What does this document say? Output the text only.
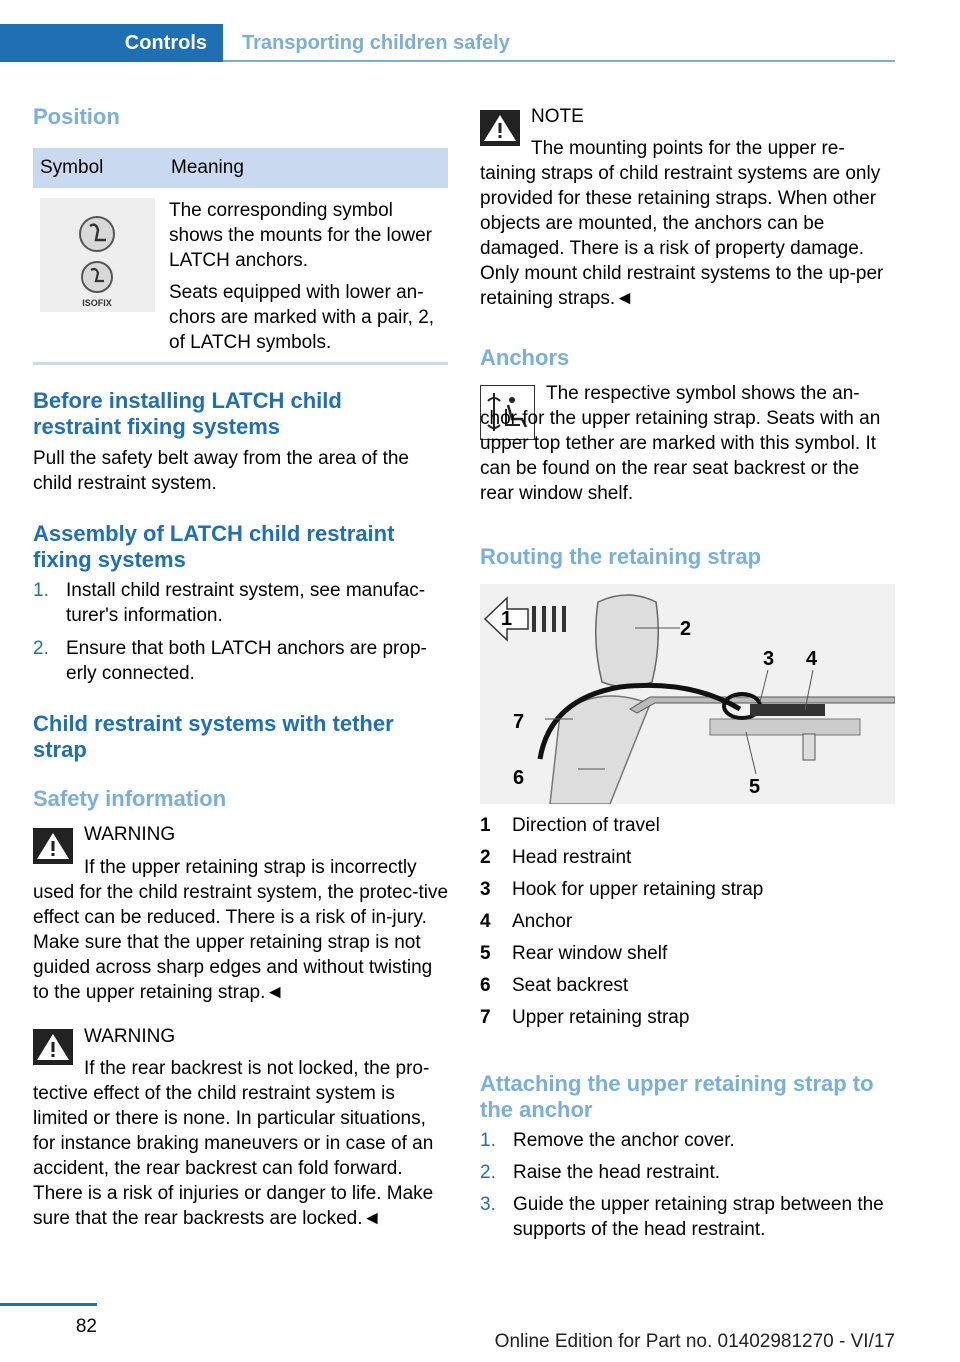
Controls Transporting children safely
Position
Symbol	Meaning
ISOFIX
The corresponding symbol shows the mounts for the lower LATCH anchors.
Seats equipped with lower an-chors are marked with a pair, 2, of LATCH symbols.
Before installing LATCH child restraint fixing systems
Pull the safety belt away from the area of the child restraint system.
Assembly of LATCH child restraint fixing systems
1. Install child restraint system, see manufac-turer's information.
2. Ensure that both LATCH anchors are prop-erly connected.
Child restraint systems with tether strap
Safety information
WARNING
If the upper retaining strap is incorrectly used for the child restraint system, the protec-tive effect can be reduced. There is a risk of in-jury. Make sure that the upper retaining strap is not guided across sharp edges and without twisting to the upper retaining strap.◄
WARNING
If the rear backrest is not locked, the pro-tective effect of the child restraint system is limited or there is none. In particular situations, for instance braking maneuvers or in case of an accident, the rear backrest can fold forward. There is a risk of injuries or danger to life. Make sure that the rear backrests are locked.◄
NOTE
The mounting points for the upper re-taining straps of child restraint systems are only provided for these retaining straps. When other objects are mounted, the anchors can be damaged. There is a risk of property damage. Only mount child restraint systems to the up-per retaining straps.◄
Anchors
The respective symbol shows the an-chor for the upper retaining strap. Seats with an upper top tether are marked with this symbol. It can be found on the rear seat backrest or the rear window shelf.
Routing the retaining strap
1	2
3 4
5
6
7
1	Direction of travel
2	Head restraint
3	Hook for upper retaining strap
4	Anchor
5	Rear window shelf
6	Seat backrest
7	Upper retaining strap
Attaching the upper retaining strap to the anchor
1. Remove the anchor cover.
2. Raise the head restraint.
3. Guide the upper retaining strap between the supports of the head restraint.
82
Online Edition for Part no. 01402981270 - VI/17
